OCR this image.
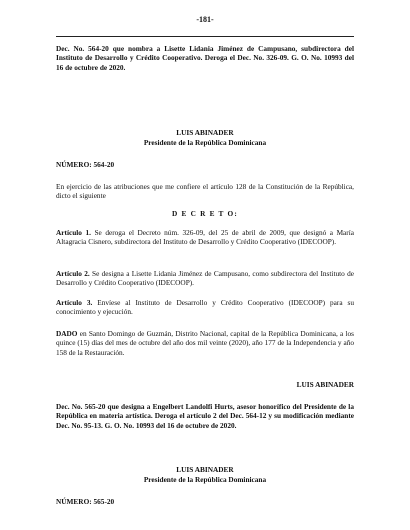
-181-

Dec. No. 564-20 que nombra a Lisette Lidania Jiménez de Campusano, subdirectora del Instituto de Desarrollo y Crédito Cooperativo. Deroga el Dec. No. 326-09. G. O. No. 10993 del 16 de octubre de 2020.

LUIS ABINADER

Presidente de la República Dominicana

NÚMERO: 564-20

En ejercicio de las atribuciones que me confiere el artículo 128 de la Constitución de la República, dicto el siguiente

D E C R E T O:

Artículo 1. Se deroga el Decreto núm. 326-09, del 25 de abril de 2009, que designó a María Altagracia Cisnero, subdirectora del Instituto de Desarrollo y Crédito Cooperativo (IDECOOP).

Artículo 2. Se designa a Lisette Lidania Jiménez de Campusano, como subdirectora del Instituto de Desarrollo y Crédito Cooperativo (IDECOOP).

Artículo 3. Envíese al Instituto de Desarrollo y Crédito Cooperativo (IDECOOP) para su conocimiento y ejecución.

DADO en Santo Domingo de Guzmán, Distrito Nacional, capital de la República Dominicana, a los quince (15) días del mes de octubre del año dos mil veinte (2020), año 177 de la Independencia y año 158 de la Restauración.

LUIS ABINADER

Dec. No. 565-20 que designa a Engelbert Landolfi Hurts, asesor honorífico del Presidente de la República en materia artística. Deroga el artículo 2 del Dec. 564-12 y su modificación mediante Dec. No. 95-13. G. O. No. 10993 del 16 de octubre de 2020.

LUIS ABINADER

Presidente de la República Dominicana

NÚMERO: 565-20
